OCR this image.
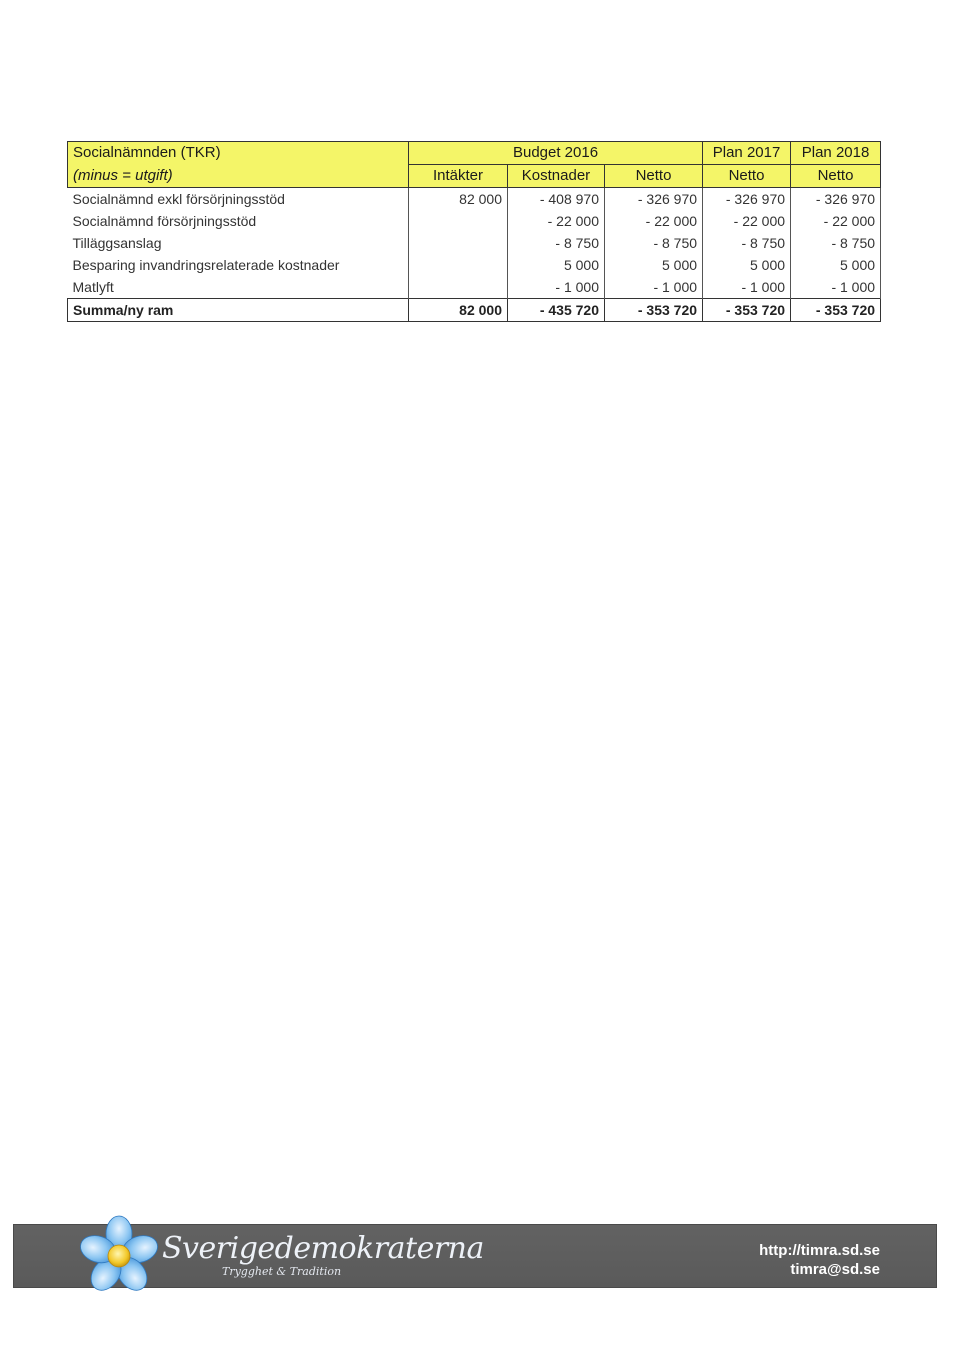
Socialnämnden (TKR)	Budget 2016			Plan 2017	Plan 2018
(minus = utgift)	Intäkter	Kostnader	Netto	Netto	Netto
Socialnämnd exkl försörjningsstöd	82 000	- 408 970	- 326 970	- 326 970	- 326 970
Socialnämnd försörjningsstöd		- 22 000	- 22 000	- 22 000	- 22 000
Tilläggsanslag		- 8 750	- 8 750	- 8 750	- 8 750
Besparing invandringsrelaterade kostnader		5 000	5 000	5 000	5 000
Matlyft		- 1 000	- 1 000	- 1 000	- 1 000
Summa/ny ram	82 000	- 435 720	- 353 720	- 353 720	- 353 720
Sverigedemokraterna
Trygghet & Tradition
http://timra.sd.se
timra@sd.se
